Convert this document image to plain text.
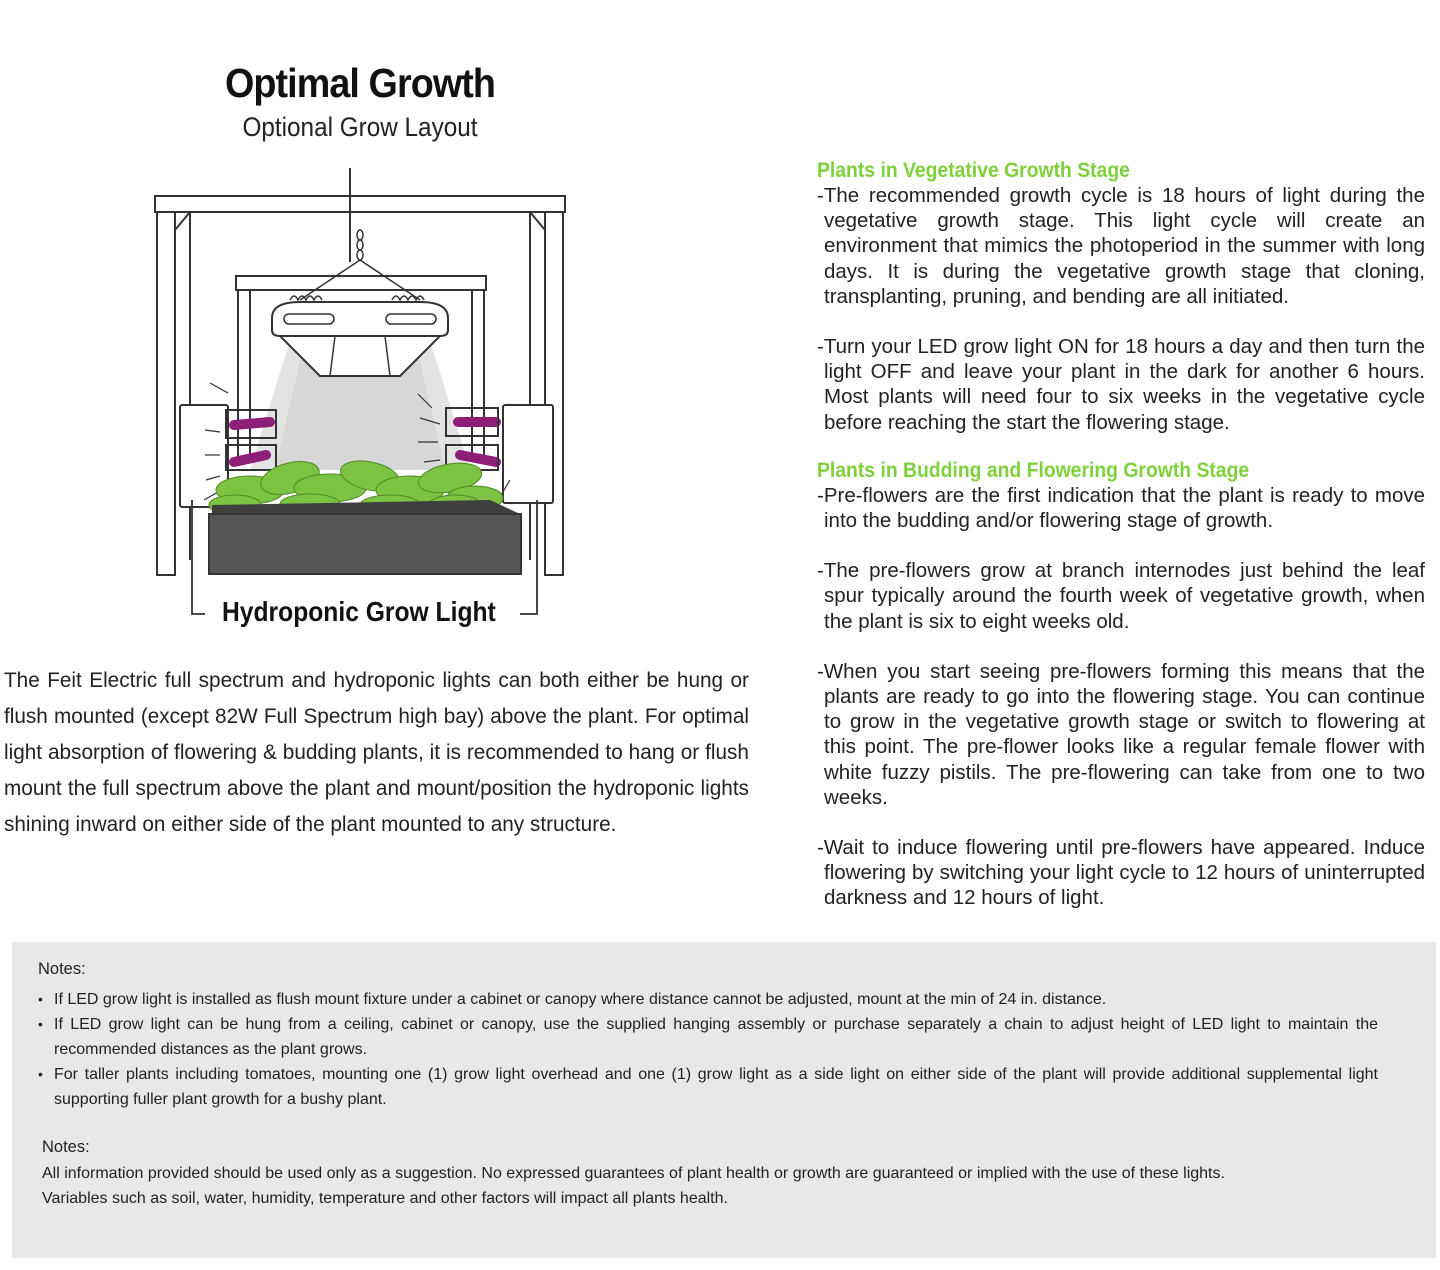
Optimal Growth
Optional Grow Layout
Hydroponic Grow Light

The Feit Electric full spectrum and hydroponic lights can both either be hung or flush mounted (except 82W Full Spectrum high bay) above the plant. For optimal light absorption of flowering & budding plants, it is recommended to hang or flush mount the full spectrum above the plant and mount/position the hydroponic lights shining inward on either side of the plant mounted to any structure.

Plants in Vegetative Growth Stage

-The recommended growth cycle is 18 hours of light during the vegetative growth stage. This light cycle will create an environment that mimics the photoperiod in the summer with long days. It is during the vegetative growth stage that cloning, transplanting, pruning, and bending are all initiated.

-Turn your LED grow light ON for 18 hours a day and then turn the light OFF and leave your plant in the dark for another 6 hours. Most plants will need four to six weeks in the vegetative cycle before reaching the start the flowering stage.

Plants in Budding and Flowering Growth Stage

-Pre-flowers are the first indication that the plant is ready to move into the budding and/or flowering stage of growth.

-The pre-flowers grow at branch internodes just behind the leaf spur typically around the fourth week of vegetative growth, when the plant is six to eight weeks old.

-When you start seeing pre-flowers forming this means that the plants are ready to go into the flowering stage. You can continue to grow in the vegetative growth stage or switch to flowering at this point. The pre-flower looks like a regular female flower with white fuzzy pistils. The pre-flowering can take from one to two weeks.

-Wait to induce flowering until pre-flowers have appeared. Induce flowering by switching your light cycle to 12 hours of uninterrupted darkness and 12 hours of light.

Notes:
• If LED grow light is installed as flush mount fixture under a cabinet or canopy where distance cannot be adjusted, mount at the min of 24 in. distance.
• If LED grow light can be hung from a ceiling, cabinet or canopy, use the supplied hanging assembly or purchase separately a chain to adjust height of LED light to maintain the recommended distances as the plant grows.
• For taller plants including tomatoes, mounting one (1) grow light overhead and one (1) grow light as a side light on either side of the plant will provide additional supplemental light supporting fuller plant growth for a bushy plant.
Notes:
All information provided should be used only as a suggestion. No expressed guarantees of plant health or growth are guaranteed or implied with the use of these lights.
Variables such as soil, water, humidity, temperature and other factors will impact all plants health.
